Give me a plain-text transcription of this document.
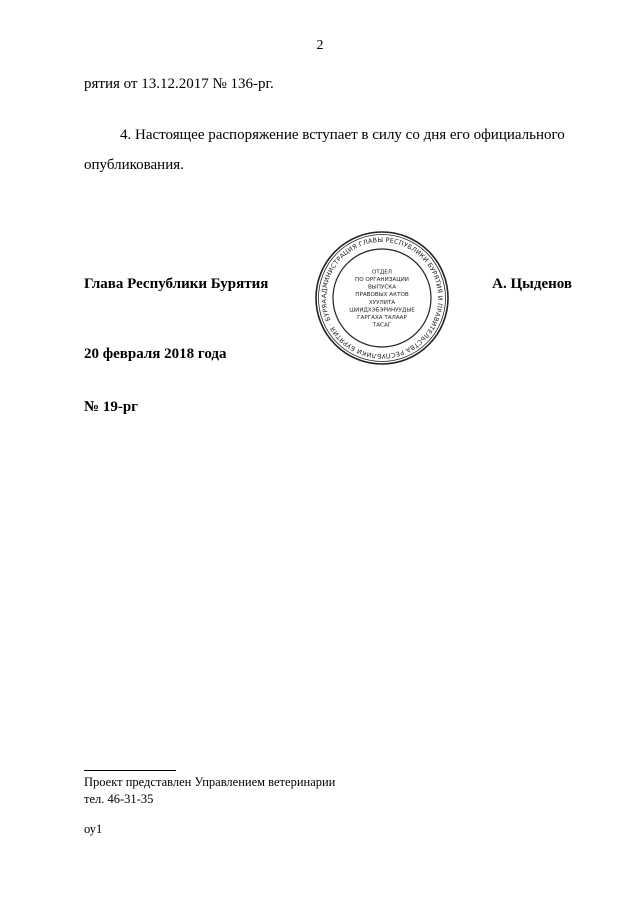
2
рятия от 13.12.2017 № 136-рг.
4. Настоящее распоряжение вступает в силу со дня его официального
опубликования.
Глава Республики Бурятия	А. Цыденов
АДМИНИСТРАЦИЯ ГЛАВЫ РЕСПУБЛИКИ БУРЯТИЯ И ПРАВИТЕЛЬСТВА РЕСПУБЛИКИ БУРЯТИЯ · БУРЯА
ОТДЕЛ
ПО ОРГАНИЗАЦИИ
ВЫПУСКА
ПРАВОВЫХ АКТОВ
ХУУЛИТА
ШИИДХЭБЭРИНУУДЫЕ
ГАРГАХА ТАЛААР
ТАСАГ
20 февраля 2018 года
№ 19-рг
Проект представлен Управлением ветеринарии
тел. 46-31-35
оу1
